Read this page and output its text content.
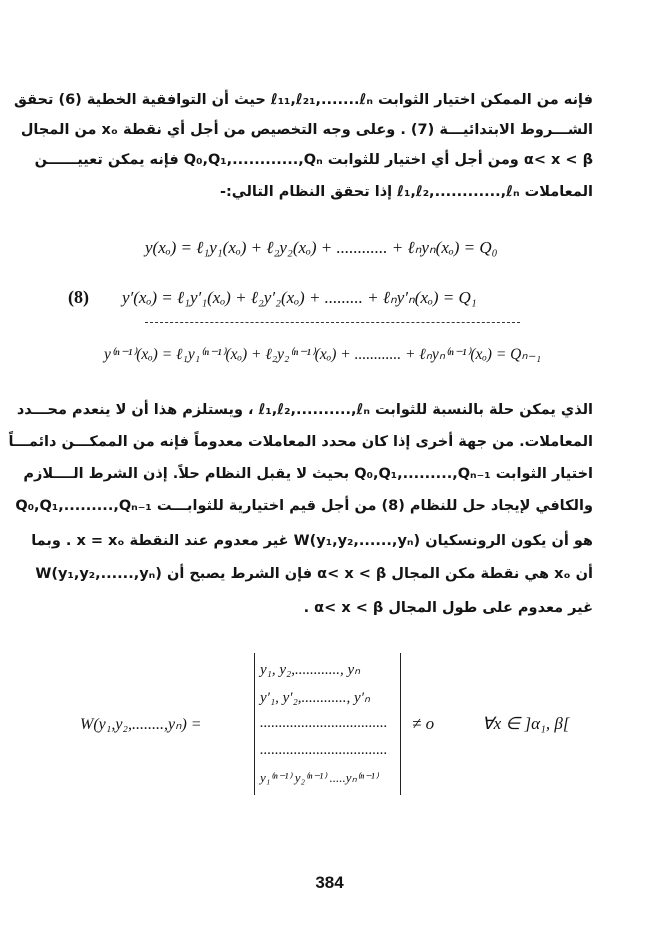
فإنه من الممكن اختيار الثوابت ℓ₁₁,ℓ₂₁,.......ℓₙ حيث أن التوافقية الخطية (6) تحقق
الشـــروط الابتدائيـــة (7) . وعلى وجه التخصيص من أجل أي نقطة xₒ من المجال
α< x < β ومن أجل أي اختيار للثوابت Q₀,Q₁,............,Qₙ فإنه يمكن تعييــــــن
المعاملات ℓ₁,ℓ₂,............,ℓₙ إذا تحقق النظام التالي:-
y(xₒ) = ℓ₁y₁(xₒ) + ℓ₂y₂(xₒ) + ............ + ℓₙyₙ(xₒ) = Q₀
(8) y′(xₒ) = ℓ₁y′₁(xₒ) + ℓ₂y′₂(xₒ) + ......... + ℓₙy′ₙ(xₒ) = Q₁
y⁽ⁿ⁻¹⁾(xₒ) = ℓ₁y₁⁽ⁿ⁻¹⁾(xₒ) + ℓ₂y₂⁽ⁿ⁻¹⁾(xₒ) + ............ + ℓₙyₙ⁽ⁿ⁻¹⁾(xₒ) = Qₙ₋₁
الذي يمكن حلة بالنسبة للثوابت ℓ₁,ℓ₂,..........,ℓₙ ، ويستلزم هذا أن لا ينعدم محـــدد
المعاملات. من جهة أخرى إذا كان محدد المعاملات معدوماً فإنه من الممكـــن دائمـــاً
اختيار الثوابت Q₀,Q₁,.........,Qₙ₋₁ بحيث لا يقبل النظام حلاً. إذن الشرط الــــلازم
والكافي لإيجاد حل للنظام (8) من أجل قيم اختيارية للثوابـــت Q₀,Q₁,.........,Qₙ₋₁
هو أن يكون الرونسكيان W(y₁,y₂,......,yₙ) غير معدوم عند النقطة x = xₒ . وبما
أن xₒ هي نقطة مكن المجال α< x < β فإن الشرط يصبح أن W(y₁,y₂,......,yₙ)
غير معدوم على طول المجال α< x < β .
W(y₁,y₂,........,yₙ) =
y₁, y₂,............, yₙ
y′₁, y′₂,............, y′ₙ
..................................
..................................
y₁⁽ⁿ⁻¹⁾ y₂⁽ⁿ⁻¹⁾ .....yₙ⁽ⁿ⁻¹⁾
≠ o	∀x ∈ ]α₁, β[
384
